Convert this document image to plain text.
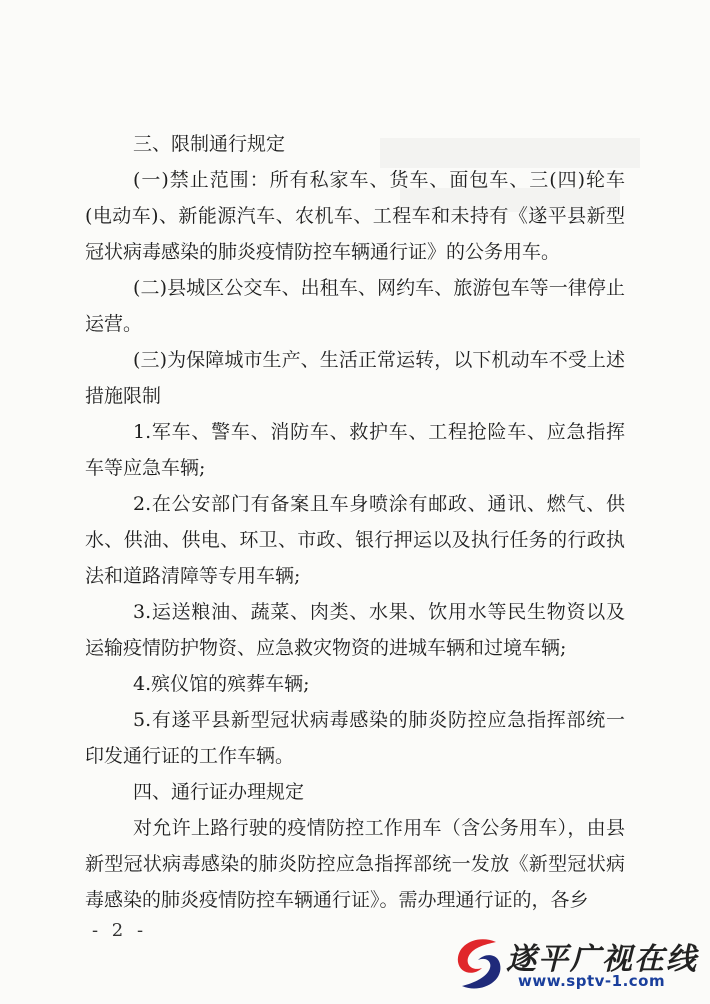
三、限制通行规定

(一)禁止范围：所有私家车、货车、面包车、三(四)轮车(电动车)、新能源汽车、农机车、工程车和未持有《遂平县新型冠状病毒感染的肺炎疫情防控车辆通行证》的公务用车。

(二)县城区公交车、出租车、网约车、旅游包车等一律停止运营。

(三)为保障城市生产、生活正常运转，以下机动车不受上述措施限制

1.军车、警车、消防车、救护车、工程抢险车、应急指挥车等应急车辆;

2.在公安部门有备案且车身喷涂有邮政、通讯、燃气、供水、供油、供电、环卫、市政、银行押运以及执行任务的行政执法和道路清障等专用车辆;

3.运送粮油、蔬菜、肉类、水果、饮用水等民生物资以及运输疫情防护物资、应急救灾物资的进城车辆和过境车辆;

4.殡仪馆的殡葬车辆;

5.有遂平县新型冠状病毒感染的肺炎防控应急指挥部统一印发通行证的工作车辆。

四、通行证办理规定

对允许上路行驶的疫情防控工作用车（含公务用车），由县新型冠状病毒感染的肺炎防控应急指挥部统一发放《新型冠状病毒感染的肺炎疫情防控车辆通行证》。需办理通行证的，各乡

- 2 -
遂平广视在线
www.sptv-1.com
